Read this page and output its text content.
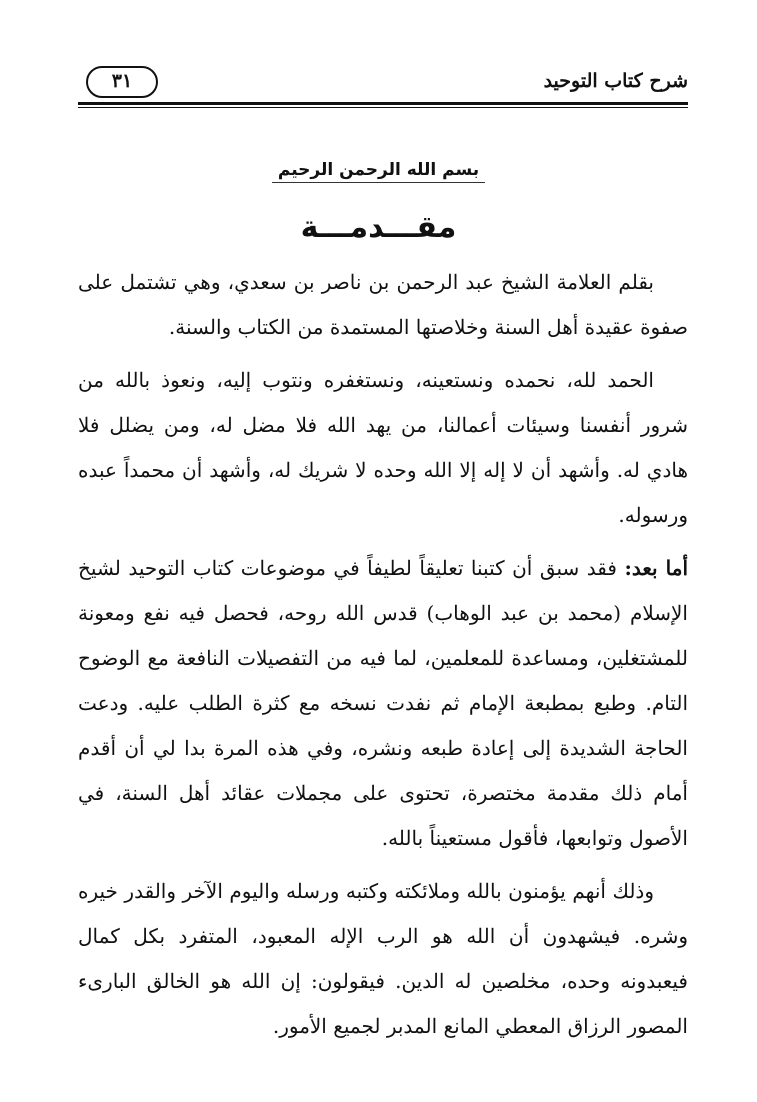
شرح كتاب التوحيد
٣١
بسم الله الرحمن الرحيم
مقـــدمـــة

بقلم العلامة الشيخ عبد الرحمن بن ناصر بن سعدي، وهي تشتمل على صفوة عقيدة أهل السنة وخلاصتها المستمدة من الكتاب والسنة.

الحمد لله، نحمده ونستعينه، ونستغفره ونتوب إليه، ونعوذ بالله من شرور أنفسنا وسيئات أعمالنا، من يهد الله فلا مضل له، ومن يضلل فلا هادي له. وأشهد أن لا إله إلا الله وحده لا شريك له، وأشهد أن محمداً عبده ورسوله.

أما بعد: فقد سبق أن كتبنا تعليقاً لطيفاً في موضوعات كتاب التوحيد لشيخ الإسلام (محمد بن عبد الوهاب) قدس الله روحه، فحصل فيه نفع ومعونة للمشتغلين، ومساعدة للمعلمين، لما فيه من التفصيلات النافعة مع الوضوح التام. وطبع بمطبعة الإمام ثم نفدت نسخه مع كثرة الطلب عليه. ودعت الحاجة الشديدة إلى إعادة طبعه ونشره، وفي هذه المرة بدا لي أن أقدم أمام ذلك مقدمة مختصرة، تحتوى على مجملات عقائد أهل السنة، في الأصول وتوابعها، فأقول مستعيناً بالله.

وذلك أنهم يؤمنون بالله وملائكته وكتبه ورسله واليوم الآخر والقدر خيره وشره. فيشهدون أن الله هو الرب الإله المعبود، المتفرد بكل كمال فيعبدونه وحده، مخلصين له الدين. فيقولون: إن الله هو الخالق البارىء المصور الرزاق المعطي المانع المدبر لجميع الأمور.
